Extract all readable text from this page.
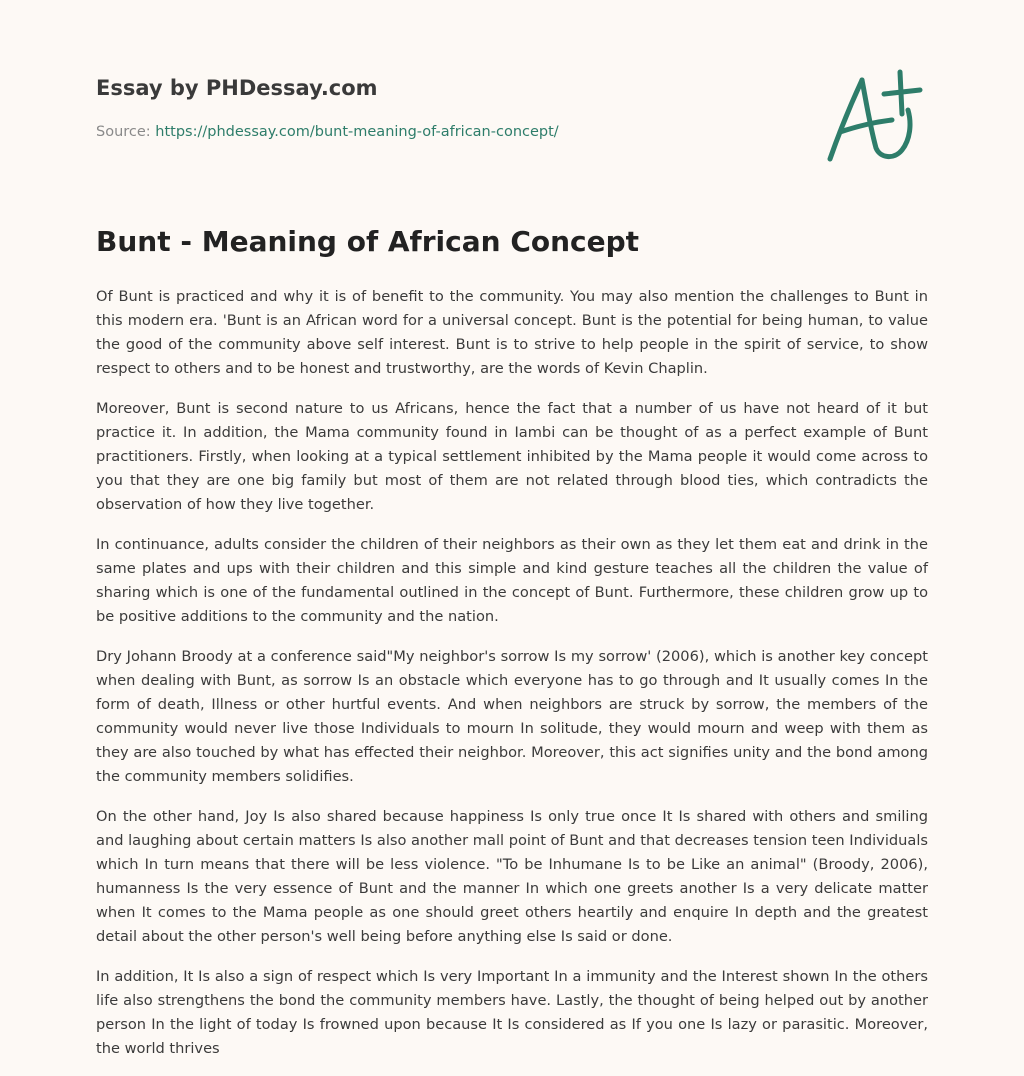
Essay by PHDessay.com

Source: https://phdessay.com/bunt-meaning-of-african-concept/

Bunt - Meaning of African Concept

Of Bunt is practiced and why it is of benefit to the community. You may also mention the challenges to Bunt in this modern era. 'Bunt is an African word for a universal concept. Bunt is the potential for being human, to value the good of the community above self interest. Bunt is to strive to help people in the spirit of service, to show respect to others and to be honest and trustworthy, are the words of Kevin Chaplin.

Moreover, Bunt is second nature to us Africans, hence the fact that a number of us have not heard of it but practice it. In addition, the Mama community found in Iambi can be thought of as a perfect example of Bunt practitioners. Firstly, when looking at a typical settlement inhibited by the Mama people it would come across to you that they are one big family but most of them are not related through blood ties, which contradicts the observation of how they live together.

In continuance, adults consider the children of their neighbors as their own as they let them eat and drink in the same plates and ups with their children and this simple and kind gesture teaches all the children the value of sharing which is one of the fundamental outlined in the concept of Bunt. Furthermore, these children grow up to be positive additions to the community and the nation.

Dry Johann Broody at a conference said"My neighbor's sorrow Is my sorrow' (2006), which is another key concept when dealing with Bunt, as sorrow Is an obstacle which everyone has to go through and It usually comes In the form of death, Illness or other hurtful events. And when neighbors are struck by sorrow, the members of the community would never live those Individuals to mourn In solitude, they would mourn and weep with them as they are also touched by what has effected their neighbor. Moreover, this act signifies unity and the bond among the community members solidifies.

On the other hand, Joy Is also shared because happiness Is only true once It Is shared with others and smiling and laughing about certain matters Is also another mall point of Bunt and that decreases tension teen Individuals which In turn means that there will be less violence. "To be Inhumane Is to be Like an animal" (Broody, 2006), humanness Is the very essence of Bunt and the manner In which one greets another Is a very delicate matter when It comes to the Mama people as one should greet others heartily and enquire In depth and the greatest detail about the other person's well being before anything else Is said or done.

In addition, It Is also a sign of respect which Is very Important In a immunity and the Interest shown In the others life also strengthens the bond the community members have. Lastly, the thought of being helped out by another person In the light of today Is frowned upon because It Is considered as If you one Is lazy or parasitic. Moreover, the world thrives
